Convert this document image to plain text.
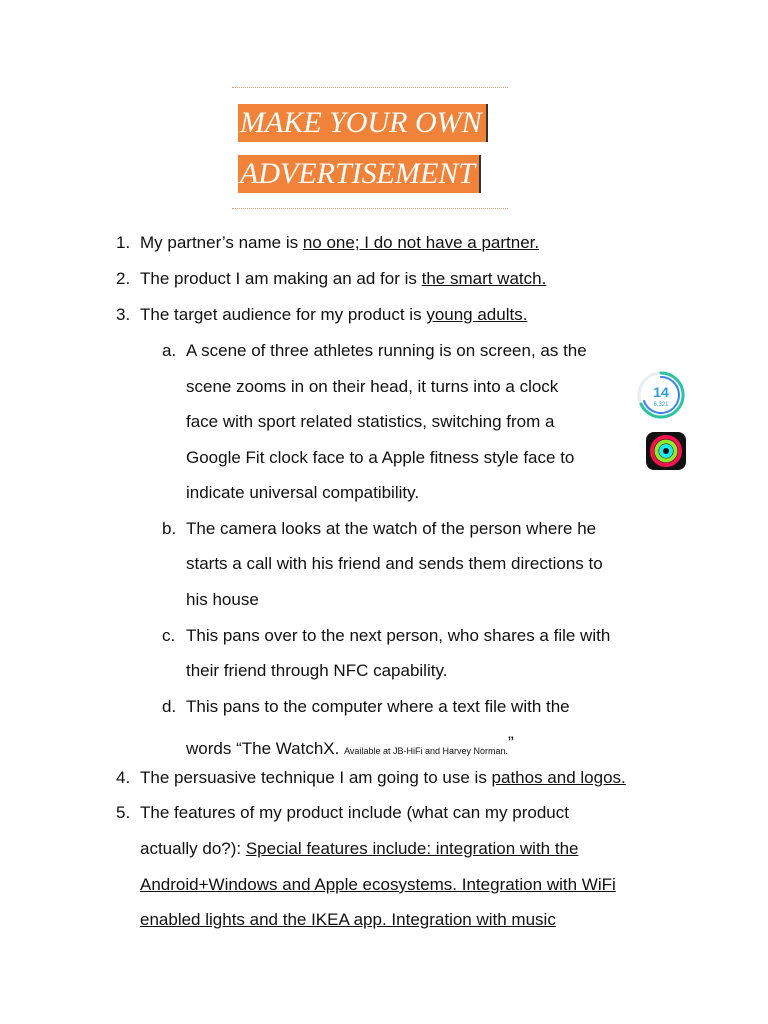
MAKE YOUR OWN
ADVERTISEMENT
1. My partner’s name is no one; I do not have a partner.
2. The product I am making an ad for is the smart watch.
3. The target audience for my product is young adults.
a. A scene of three athletes running is on screen, as the
scene zooms in on their head, it turns into a clock
face with sport related statistics, switching from a
Google Fit clock face to a Apple fitness style face to
indicate universal compatibility.
14
6,321
b. The camera looks at the watch of the person where he
starts a call with his friend and sends them directions to
his house
c. This pans over to the next person, who shares a file with
their friend through NFC capability.
d. This pans to the computer where a text file with the
words “The WatchX. Available at JB-HiFi and Harvey Norman.”
4. The persuasive technique I am going to use is pathos and logos.
5. The features of my product include (what can my product
actually do?): Special features include: integration with the
Android+Windows and Apple ecosystems. Integration with WiFi
enabled lights and the IKEA app. Integration with music
